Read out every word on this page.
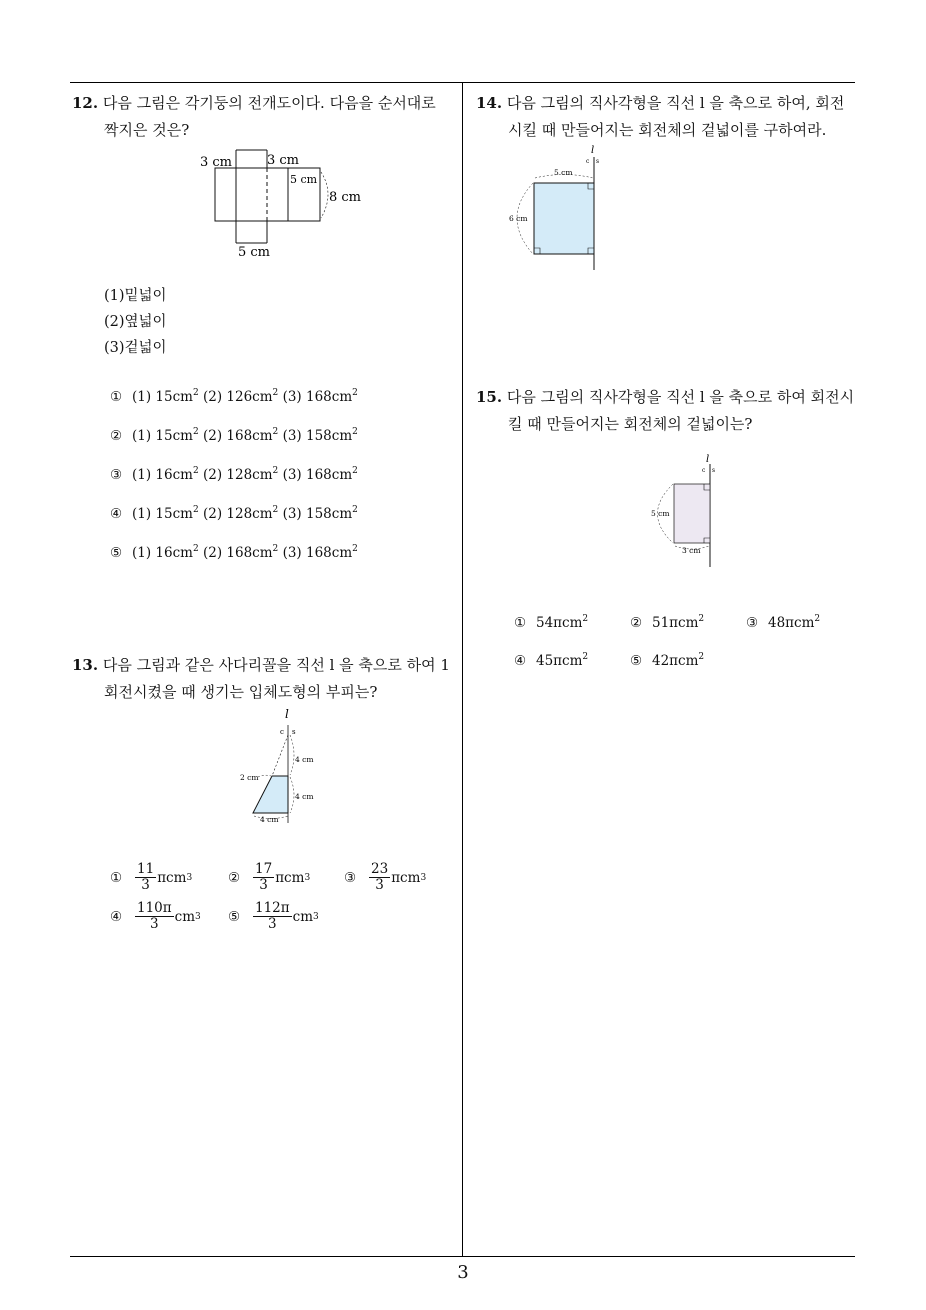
12. 다음 그림은 각기둥의 전개도이다. 다음을 순서대로
짝지은 것은?
3 cm	3 cm
5 cm
8 cm
5 cm
(1)밑넓이
(2)옆넓이
(3)겉넓이
① (1) $15cm^2$ (2) $126cm^2$ (3) $168cm^2$
② (1) $15cm^2$ (2) $168cm^2$ (3) $158cm^2$
③ (1) $16cm^2$ (2) $128cm^2$ (3) $168cm^2$
④ (1) $15cm^2$ (2) $128cm^2$ (3) $158cm^2$
⑤ (1) $16cm^2$ (2) $168cm^2$ (3) $168cm^2$
13. 다음 그림과 같은 사다리꼴을 직선 l 을 축으로 하여 1
회전시켰을 때 생기는 입체도형의 부피는?
l
c s
4 cm
2 cm
4 cm
4 cm
① $\frac{11}{3}$ πcm 3	② $\frac{17}{3}$ πcm 3	③ $\frac{23}{3}$ πcm 3
④ $\frac{110\pi}{3}$ cm 3 ⑤ $\frac{112\pi}{3}$ cm 3
14. 다음 그림의 직사각형을 직선 l 을 축으로 하여, 회전
시킬 때 만들어지는 회전체의 겉넓이를 구하여라.
l
c s
5 cm
6 cm
15. 다음 그림의 직사각형을 직선 l 을 축으로 하여 회전시
킬 때 만들어지는 회전체의 겉넓이는?
l
c s
5 cm
3 cm
① 54πcm$^2$	② 51πcm$^2$	③ 48πcm$^2$
④ 45πcm$^2$	⑤ 42πcm$^2$
3
